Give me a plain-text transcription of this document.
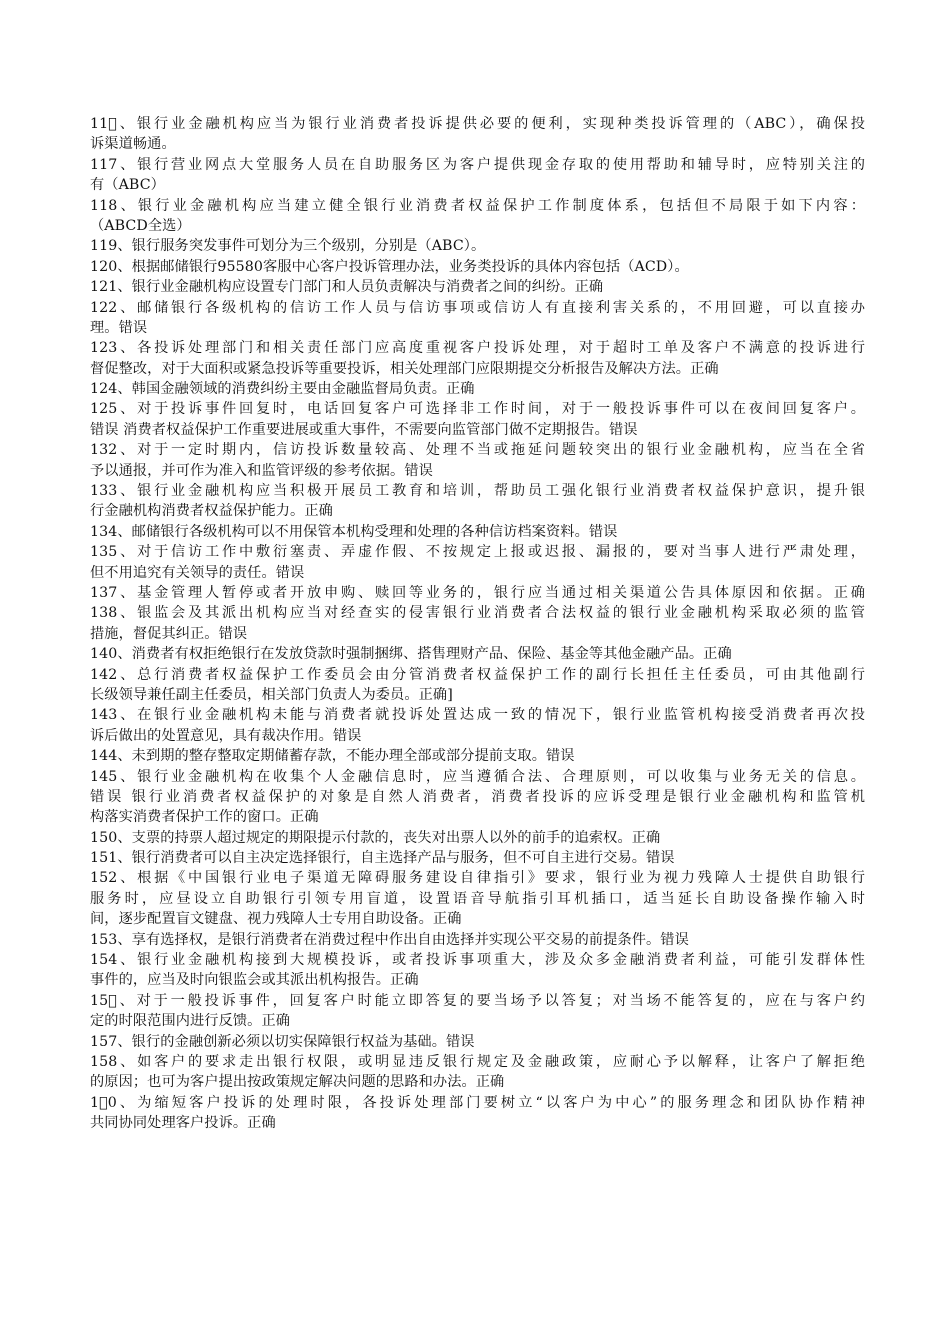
11 、银行业金融机构应当为银行业消费者投诉提供必要的便利，实现种类投诉管理的（ABC），确保投
诉渠道畅通。
117、银行营业网点大堂服务人员在自助服务区为客户提供现金存取的使用帮助和辅导时，应特别关注的
有（ABC）
118、银行业金融机构应当建立健全银行业消费者权益保护工作制度体系，包括但不局限于如下内容：
（ABCD全选）
119、银行服务突发事件可划分为三个级别，分别是（ABC）。
120、根据邮储银行95580客服中心客户投诉管理办法，业务类投诉的具体内容包括（ACD）。
121、银行业金融机构应设置专门部门和人员负责解决与消费者之间的纠纷。正确
122、邮储银行各级机构的信访工作人员与信访事项或信访人有直接利害关系的，不用回避，可以直接办
理。错误
123、各投诉处理部门和相关责任部门应高度重视客户投诉处理，对于超时工单及客户不满意的投诉进行
督促整改，对于大面积或紧急投诉等重要投诉，相关处理部门应限期提交分析报告及解决方法。正确
124、韩国金融领域的消费纠纷主要由金融监督局负责。正确
125、对于投诉事件回复时，电话回复客户可选择非工作时间，对于一般投诉事件可以在夜间回复客户。
错误 消费者权益保护工作重要进展或重大事件，不需要向监管部门做不定期报告。错误
132、对于一定时期内，信访投诉数量较高、处理不当或拖延问题较突出的银行业金融机构，应当在全省
予以通报，并可作为准入和监管评级的参考依据。错误
133、银行业金融机构应当积极开展员工教育和培训，帮助员工强化银行业消费者权益保护意识，提升银
行金融机构消费者权益保护能力。正确
134、邮储银行各级机构可以不用保管本机构受理和处理的各种信访档案资料。错误
135、对于信访工作中敷衍塞责、弄虚作假、不按规定上报或迟报、漏报的，要对当事人进行严肃处理，
但不用追究有关领导的责任。错误
137、基金管理人暂停或者开放申购、赎回等业务的，银行应当通过相关渠道公告具体原因和依据。正确
138、银监会及其派出机构应当对经查实的侵害银行业消费者合法权益的银行业金融机构采取必须的监管
措施，督促其纠正。错误
140、消费者有权拒绝银行在发放贷款时强制捆绑、搭售理财产品、保险、基金等其他金融产品。正确
142、总行消费者权益保护工作委员会由分管消费者权益保护工作的副行长担任主任委员，可由其他副行
长级领导兼任副主任委员，相关部门负责人为委员。正确]
143、在银行业金融机构未能与消费者就投诉处置达成一致的情况下，银行业监管机构接受消费者再次投
诉后做出的处置意见，具有裁决作用。错误
144、未到期的整存整取定期储蓄存款，不能办理全部或部分提前支取。错误
145、银行业金融机构在收集个人金融信息时，应当遵循合法、合理原则，可以收集与业务无关的信息。
错误 银行业消费者权益保护的对象是自然人消费者，消费者投诉的应诉受理是银行业金融机构和监管机
构落实消费者保护工作的窗口。正确
150、支票的持票人超过规定的期限提示付款的，丧失对出票人以外的前手的追索权。正确
151、银行消费者可以自主决定选择银行，自主选择产品与服务，但不可自主进行交易。错误
152、根据《中国银行业电子渠道无障碍服务建设自律指引》要求，银行业为视力残障人士提供自助银行
服务时，应昼设立自助银行引领专用盲道，设置语音导航指引耳机插口，适当延长自助设备操作输入时
间，逐步配置盲文键盘、视力残障人士专用自助设备。正确
153、享有选择权，是银行消费者在消费过程中作出自由选择并实现公平交易的前提条件。错误
154、银行业金融机构接到大规模投诉，或者投诉事项重大，涉及众多金融消费者利益，可能引发群体性
事件的，应当及时向银监会或其派出机构报告。正确
15 、对于一般投诉事件，回复客户时能立即答复的要当场予以答复；对当场不能答复的，应在与客户约
定的时限范围内进行反馈。正确
157、银行的金融创新必须以切实保障银行权益为基础。错误
158、如客户的要求走出银行权限，或明显违反银行规定及金融政策，应耐心予以解释，让客户了解拒绝
的原因；也可为客户提出按政策规定解决问题的思路和办法。正确
1 0、为缩短客户投诉的处理时限，各投诉处理部门要树立“以客户为中心”的服务理念和团队协作精神
共同协同处理客户投诉。正确
